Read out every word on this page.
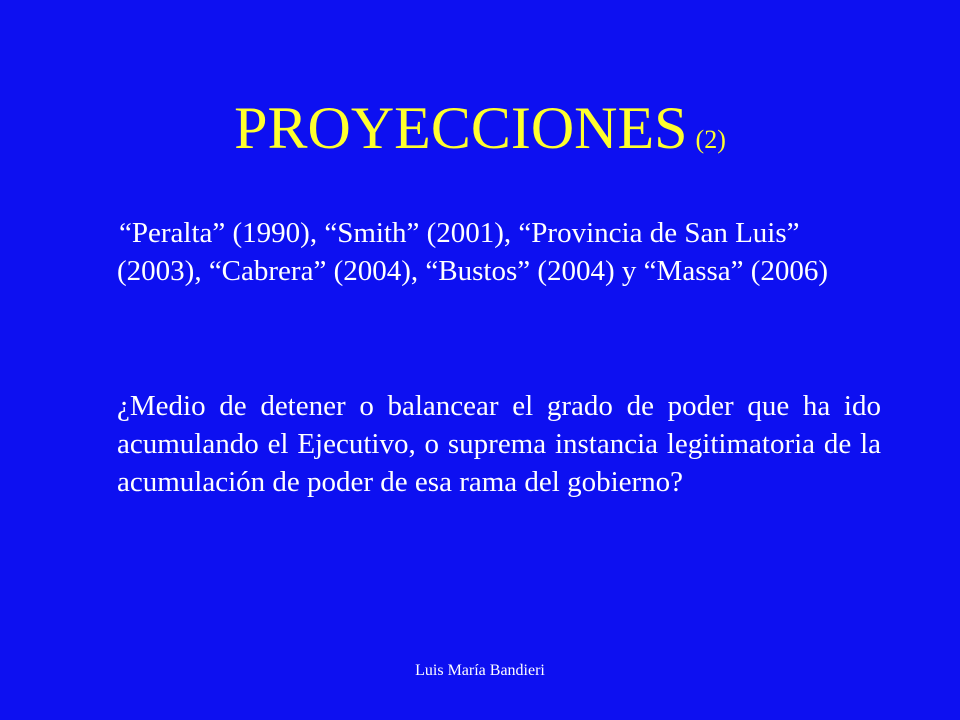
PROYECCIONES (2)

“Peralta” (1990), “Smith” (2001), “Provincia de San Luis” (2003), “Cabrera” (2004), “Bustos” (2004) y “Massa” (2006)

¿Medio de detener o balancear el grado de poder que ha ido acumulando el Ejecutivo, o suprema instancia legitimatoria de la acumulación de poder de esa rama del gobierno?

Luis María Bandieri
